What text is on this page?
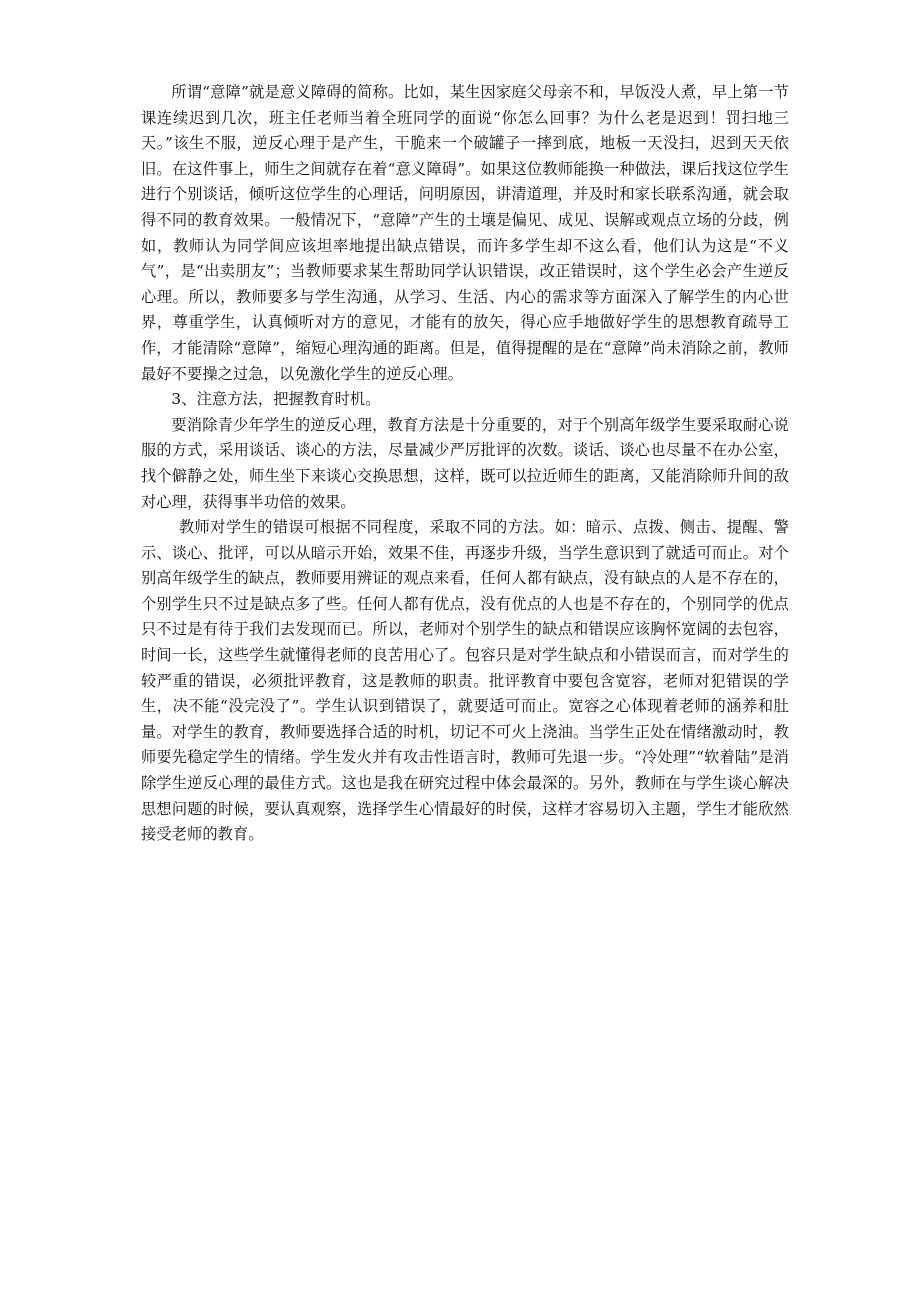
所谓“意障”就是意义障碍的简称。比如，某生因家庭父母亲不和，早饭没人煮，早上第一节课连续迟到几次，班主任老师当着全班同学的面说“你怎么回事？为什么老是迟到！罚扫地三天。”该生不服，逆反心理于是产生，干脆来一个破罐子一摔到底，地板一天没扫，迟到天天依旧。在这件事上，师生之间就存在着“意义障碍”。如果这位教师能换一种做法，课后找这位学生进行个别谈话，倾听这位学生的心理话，问明原因，讲清道理，并及时和家长联系沟通，就会取得不同的教育效果。一般情况下，“意障”产生的土壤是偏见、成见、误解或观点立场的分歧，例如，教师认为同学间应该坦率地提出缺点错误，而许多学生却不这么看，他们认为这是“不义气”，是“出卖朋友”；当教师要求某生帮助同学认识错误，改正错误时，这个学生必会产生逆反心理。所以，教师要多与学生沟通，从学习、生活、内心的需求等方面深入了解学生的内心世界，尊重学生，认真倾听对方的意见，才能有的放矢，得心应手地做好学生的思想教育疏导工作，才能清除“意障”，缩短心理沟通的距离。但是，值得提醒的是在“意障”尚未消除之前，教师最好不要操之过急，以免激化学生的逆反心理。

3、注意方法，把握教育时机。

要消除青少年学生的逆反心理，教育方法是十分重要的，对于个别高年级学生要采取耐心说服的方式，采用谈话、谈心的方法，尽量减少严厉批评的次数。谈话、谈心也尽量不在办公室，找个僻静之处，师生坐下来谈心交换思想，这样，既可以拉近师生的距离，又能消除师升间的敌对心理，获得事半功倍的效果。

教师对学生的错误可根据不同程度，采取不同的方法。如：暗示、点拨、侧击、提醒、警示、谈心、批评，可以从暗示开始，效果不佳，再逐步升级，当学生意识到了就适可而止。对个别高年级学生的缺点，教师要用辨证的观点来看，任何人都有缺点，没有缺点的人是不存在的，个别学生只不过是缺点多了些。任何人都有优点，没有优点的人也是不存在的，个别同学的优点只不过是有待于我们去发现而已。所以，老师对个别学生的缺点和错误应该胸怀宽阔的去包容，时间一长，这些学生就懂得老师的良苦用心了。包容只是对学生缺点和小错误而言，而对学生的较严重的错误，必须批评教育，这是教师的职责。批评教育中要包含宽容，老师对犯错误的学生，决不能“没完没了”。学生认识到错误了，就要适可而止。宽容之心体现着老师的涵养和肚量。对学生的教育，教师要选择合适的时机，切记不可火上浇油。当学生正处在情绪激动时，教师要先稳定学生的情绪。学生发火并有攻击性语言时，教师可先退一步。“冷处理”“软着陆”是消除学生逆反心理的最佳方式。这也是我在研究过程中体会最深的。另外，教师在与学生谈心解决思想问题的时候，要认真观察，选择学生心情最好的时侯，这样才容易切入主题，学生才能欣然接受老师的教育。
